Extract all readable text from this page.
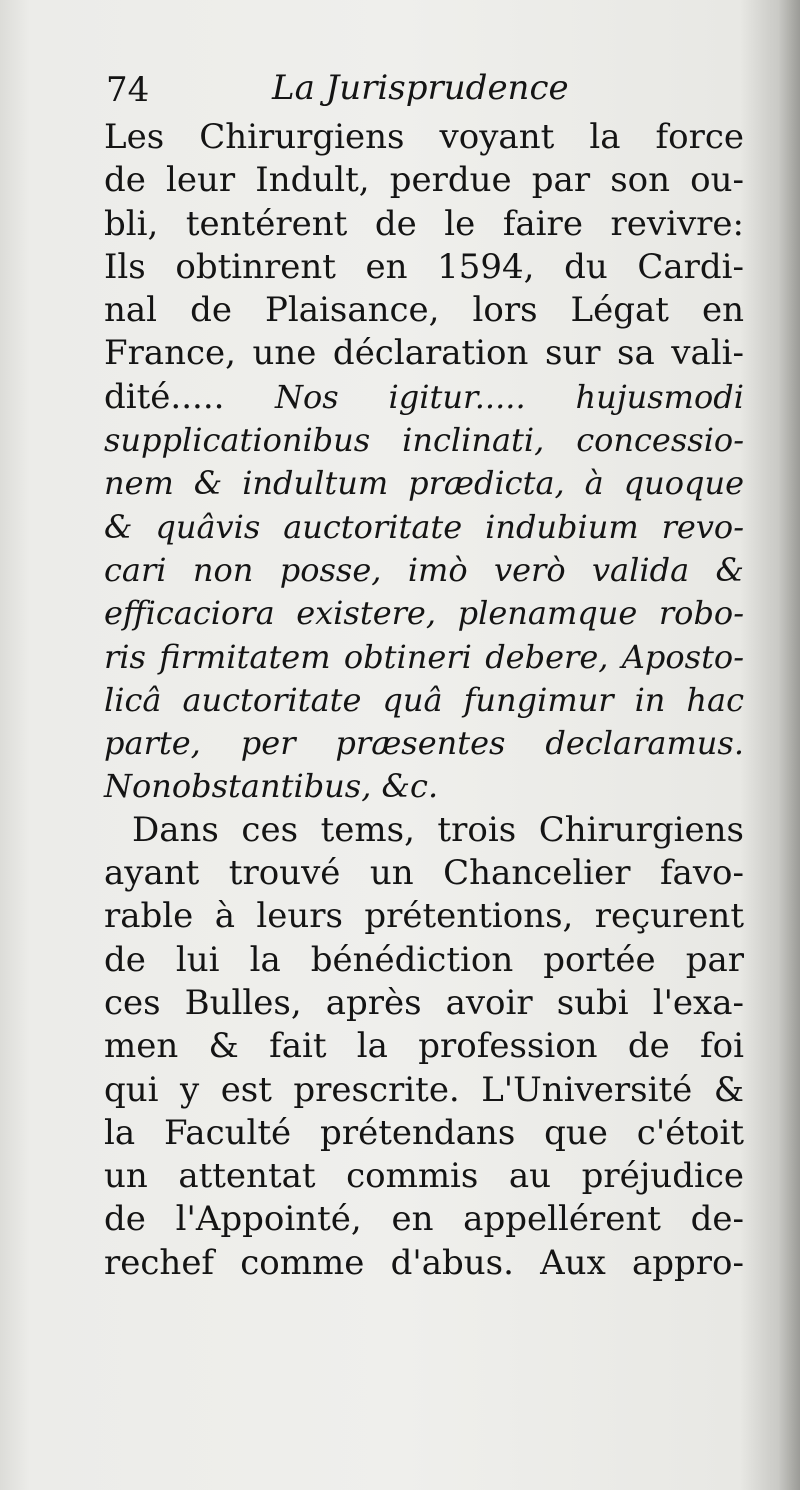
74	La Jurisprudence
Les Chirurgiens voyant la force
de leur Indult, perdue par son ou-
bli, tentérent de le faire revivre:
Ils obtinrent en 1594, du Cardi-
nal de Plaisance, lors Légat en
France, une déclaration sur sa vali-
dité..... Nos igitur..... hujusmodi
supplicationibus inclinati, concessio-
nem & indultum prædicta, à quoque
& quâvis auctoritate indubium revo-
cari non posse, imò verò valida &
efficaciora existere, plenamque robo-
ris firmitatem obtineri debere, Aposto-
licâ auctoritate quâ fungimur in hac
parte, per præsentes declaramus.
Nonobstantibus, &c.
Dans ces tems, trois Chirurgiens
ayant trouvé un Chancelier favo-
rable à leurs prétentions, reçurent
de lui la bénédiction portée par
ces Bulles, après avoir subi l'exa-
men & fait la profession de foi
qui y est prescrite. L'Université &
la Faculté prétendans que c'étoit
un attentat commis au préjudice
de l'Appointé, en appellérent de-
rechef comme d'abus. Aux appro-
